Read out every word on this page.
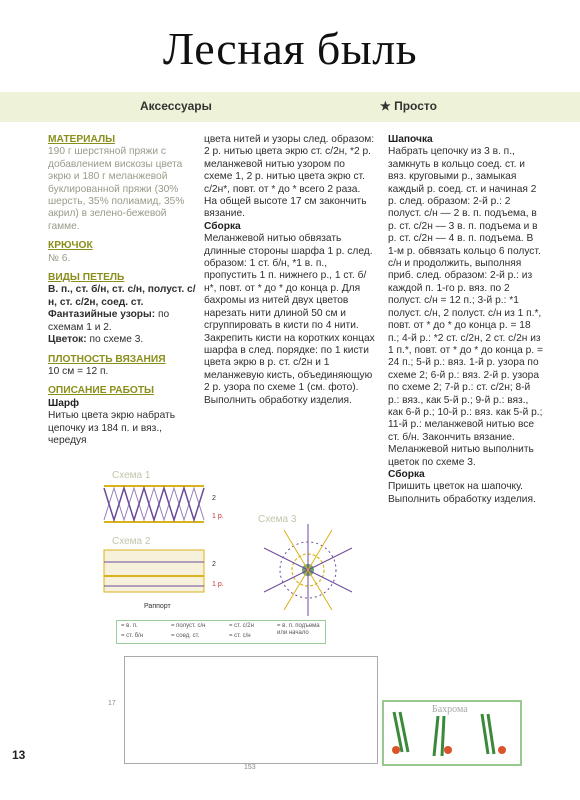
Лесная быль
Аксессуары	★ Просто
МАТЕРИАЛЫ

190 г шерстяной пряжи с добавлением вискозы цвета экрю и 180 г меланжевой буклированной пряжи (30% шерсть, 35% полиамид, 35% акрил) в зелено-бежевой гамме.

КРЮЧОК

№ 6.

ВИДЫ ПЕТЕЛЬ

В. п., ст. б/н, ст. с/н, полуст. с/н, ст. с/2н, соед. ст.

Фантазийные узоры: по схемам 1 и 2.

Цветок: по схеме 3.

ПЛОТНОСТЬ ВЯЗАНИЯ

10 см = 12 п.

ОПИСАНИЕ РАБОТЫ
Шарф

Нитью цвета экрю набрать цепочку из 184 п. и вяз., чередуя

цвета нитей и узоры след. образом: 2 р. нитью цвета экрю ст. с/2н, *2 р. меланжевой нитью узором по схеме 1, 2 р. нитью цвета экрю ст. с/2н*, повт. от * до * всего 2 раза. На общей высоте 17 см закончить вязание.

Сборка

Меланжевой нитью обвязать длинные стороны шарфа 1 р. след. образом: 1 ст. б/н, *1 в. п., пропустить 1 п. нижнего р., 1 ст. б/н*, повт. от * до * до конца р. Для бахромы из нитей двух цветов нарезать нити длиной 50 см и сгруппировать в кисти по 4 нити. Закрепить кисти на коротких концах шарфа в след. порядке: по 1 кисти цвета экрю в р. ст. с/2н и 1 меланжевую кисть, объединяющую 2 р. узора по схеме 1 (см. фото). Выполнить обработку изделия.

Шапочка

Набрать цепочку из 3 в. п., замкнуть в кольцо соед. ст. и вяз. круговыми р., замыкая каждый р. соед. ст. и начиная 2 р. след. образом: 2-й р.: 2 полуст. с/н — 2 в. п. подъема, в р. ст. с/2н — 3 в. п. подъема и в р. ст. с/2н — 4 в. п. подъема. В 1-м р. обвязать кольцо 6 полуст. с/н и продолжить, выполняя приб. след. образом: 2-й р.: из каждой п. 1-го р. вяз. по 2 полуст. с/н = 12 п.; 3-й р.: *1 полуст. с/н, 2 полуст. с/н из 1 п.*, повт. от * до * до конца р. = 18 п.; 4-й р.: *2 ст. с/2н, 2 ст. с/2н из 1 п.*, повт. от * до * до конца р. = 24 п.; 5-й р.: вяз. 1-й р. узора по схеме 2; 6-й р.: вяз. 2-й р. узора по схеме 2; 7-й р.: ст. с/2н; 8-й р.: вяз., как 5-й р.; 9-й р.: вяз., как 6-й р.; 10-й р.: вяз. как 5-й р.; 11-й р.: меланжевой нитью все ст. б/н. Закончить вязание.

Меланжевой нитью выполнить цветок по схеме 3.

Сборка

Пришить цветок на шапочку. Выполнить обработку изделия.

Схема 1
2
1 р.
Схема 2
2
1 р.
Раппорт
Схема 3
= в. п.	= полуст. с/н	= ст. с/2н
= ст. б/н	= соед. ст.	= ст. с/н
= в. п. подъема или начало
17
153
Бахрома
13
